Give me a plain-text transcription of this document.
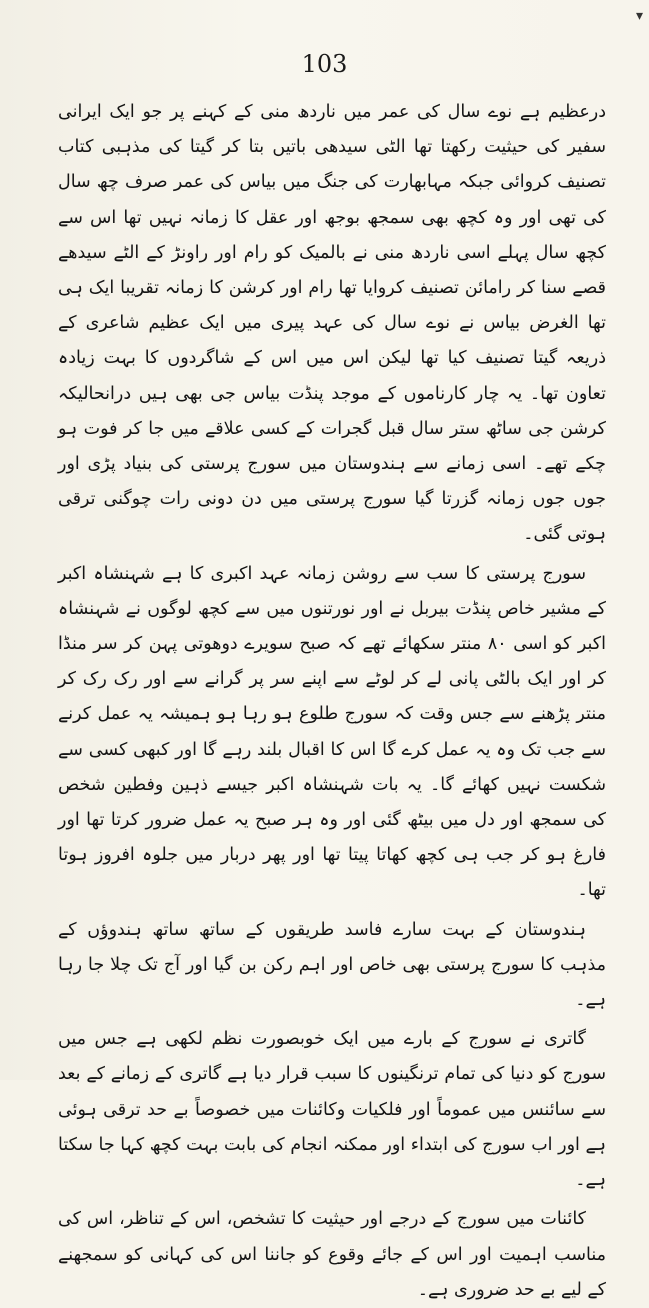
▾
103

درعظیم ہے نوے سال کی عمر میں ناردھ منی کے کہنے پر جو ایک ایرانی سفیر کی حیثیت رکھتا تھا الٹی سیدھی باتیں بتا کر گیتا کی مذہبی کتاب تصنیف کروائی جبکہ مہابھارت کی جنگ میں بیاس کی عمر صرف چھ سال کی تھی اور وہ کچھ بھی سمجھ بوجھ اور عقل کا زمانہ نہیں تھا اس سے کچھ سال پہلے اسی ناردھ منی نے بالمیک کو رام اور راونڑ کے الٹے سیدھے قصے سنا کر رامائن تصنیف کروایا تھا رام اور کرشن کا زمانہ تقریبا ایک ہی تھا الغرض بیاس نے نوے سال کی عہد پیری میں ایک عظیم شاعری کے ذریعہ گیتا تصنیف کیا تھا لیکن اس میں اس کے شاگردوں کا بہت زیادہ تعاون تھا۔ یہ چار کارناموں کے موجد پنڈت بیاس جی بھی ہیں درانحالیکہ کرشن جی ساٹھ ستر سال قبل گجرات کے کسی علاقے میں جا کر فوت ہو چکے تھے۔ اسی زمانے سے ہندوستان میں سورج پرستی کی بنیاد پڑی اور جوں جوں زمانہ گزرتا گیا سورج پرستی میں دن دونی رات چوگنی ترقی ہوتی گئی۔

سورج پرستی کا سب سے روشن زمانہ عہد اکبری کا ہے شہنشاہ اکبر کے مشیر خاص پنڈت بیربل نے اور نورتنوں میں سے کچھ لوگوں نے شہنشاہ اکبر کو اسی ۸۰ منتر سکھائے تھے کہ صبح سویرے دوھوتی پہن کر سر منڈا کر اور ایک بالٹی پانی لے کر لوٹے سے اپنے سر پر گرانے سے اور رک رک کر منتر پڑھنے سے جس وقت کہ سورج طلوع ہو رہا ہو ہمیشہ یہ عمل کرنے سے جب تک وہ یہ عمل کرے گا اس کا اقبال بلند رہے گا اور کبھی کسی سے شکست نہیں کھائے گا۔ یہ بات شہنشاہ اکبر جیسے ذہین وفطین شخص کی سمجھ اور دل میں بیٹھ گئی اور وہ ہر صبح یہ عمل ضرور کرتا تھا اور فارغ ہو کر جب ہی کچھ کھاتا پیتا تھا اور پھر دربار میں جلوہ افروز ہوتا تھا۔

ہندوستان کے بہت سارے فاسد طریقوں کے ساتھ ساتھ ہندوؤں کے مذہب کا سورج پرستی بھی خاص اور اہم رکن بن گیا اور آج تک چلا جا رہا ہے۔

گاتری نے سورج کے بارے میں ایک خوبصورت نظم لکھی ہے جس میں سورج کو دنیا کی تمام ترنگینوں کا سبب قرار دیا ہے گاتری کے زمانے کے بعد سے سائنس میں عموماً اور فلکیات وکائنات میں خصوصاً بے حد ترقی ہوئی ہے اور اب سورج کی ابتداء اور ممکنہ انجام کی بابت بہت کچھ کہا جا سکتا ہے۔

کائنات میں سورج کے درجے اور حیثیت کا تشخص، اس کے تناظر، اس کی مناسب اہمیت اور اس کے جائے وقوع کو جاننا اس کی کہانی کو سمجھنے کے لیے بے حد ضروری ہے۔
